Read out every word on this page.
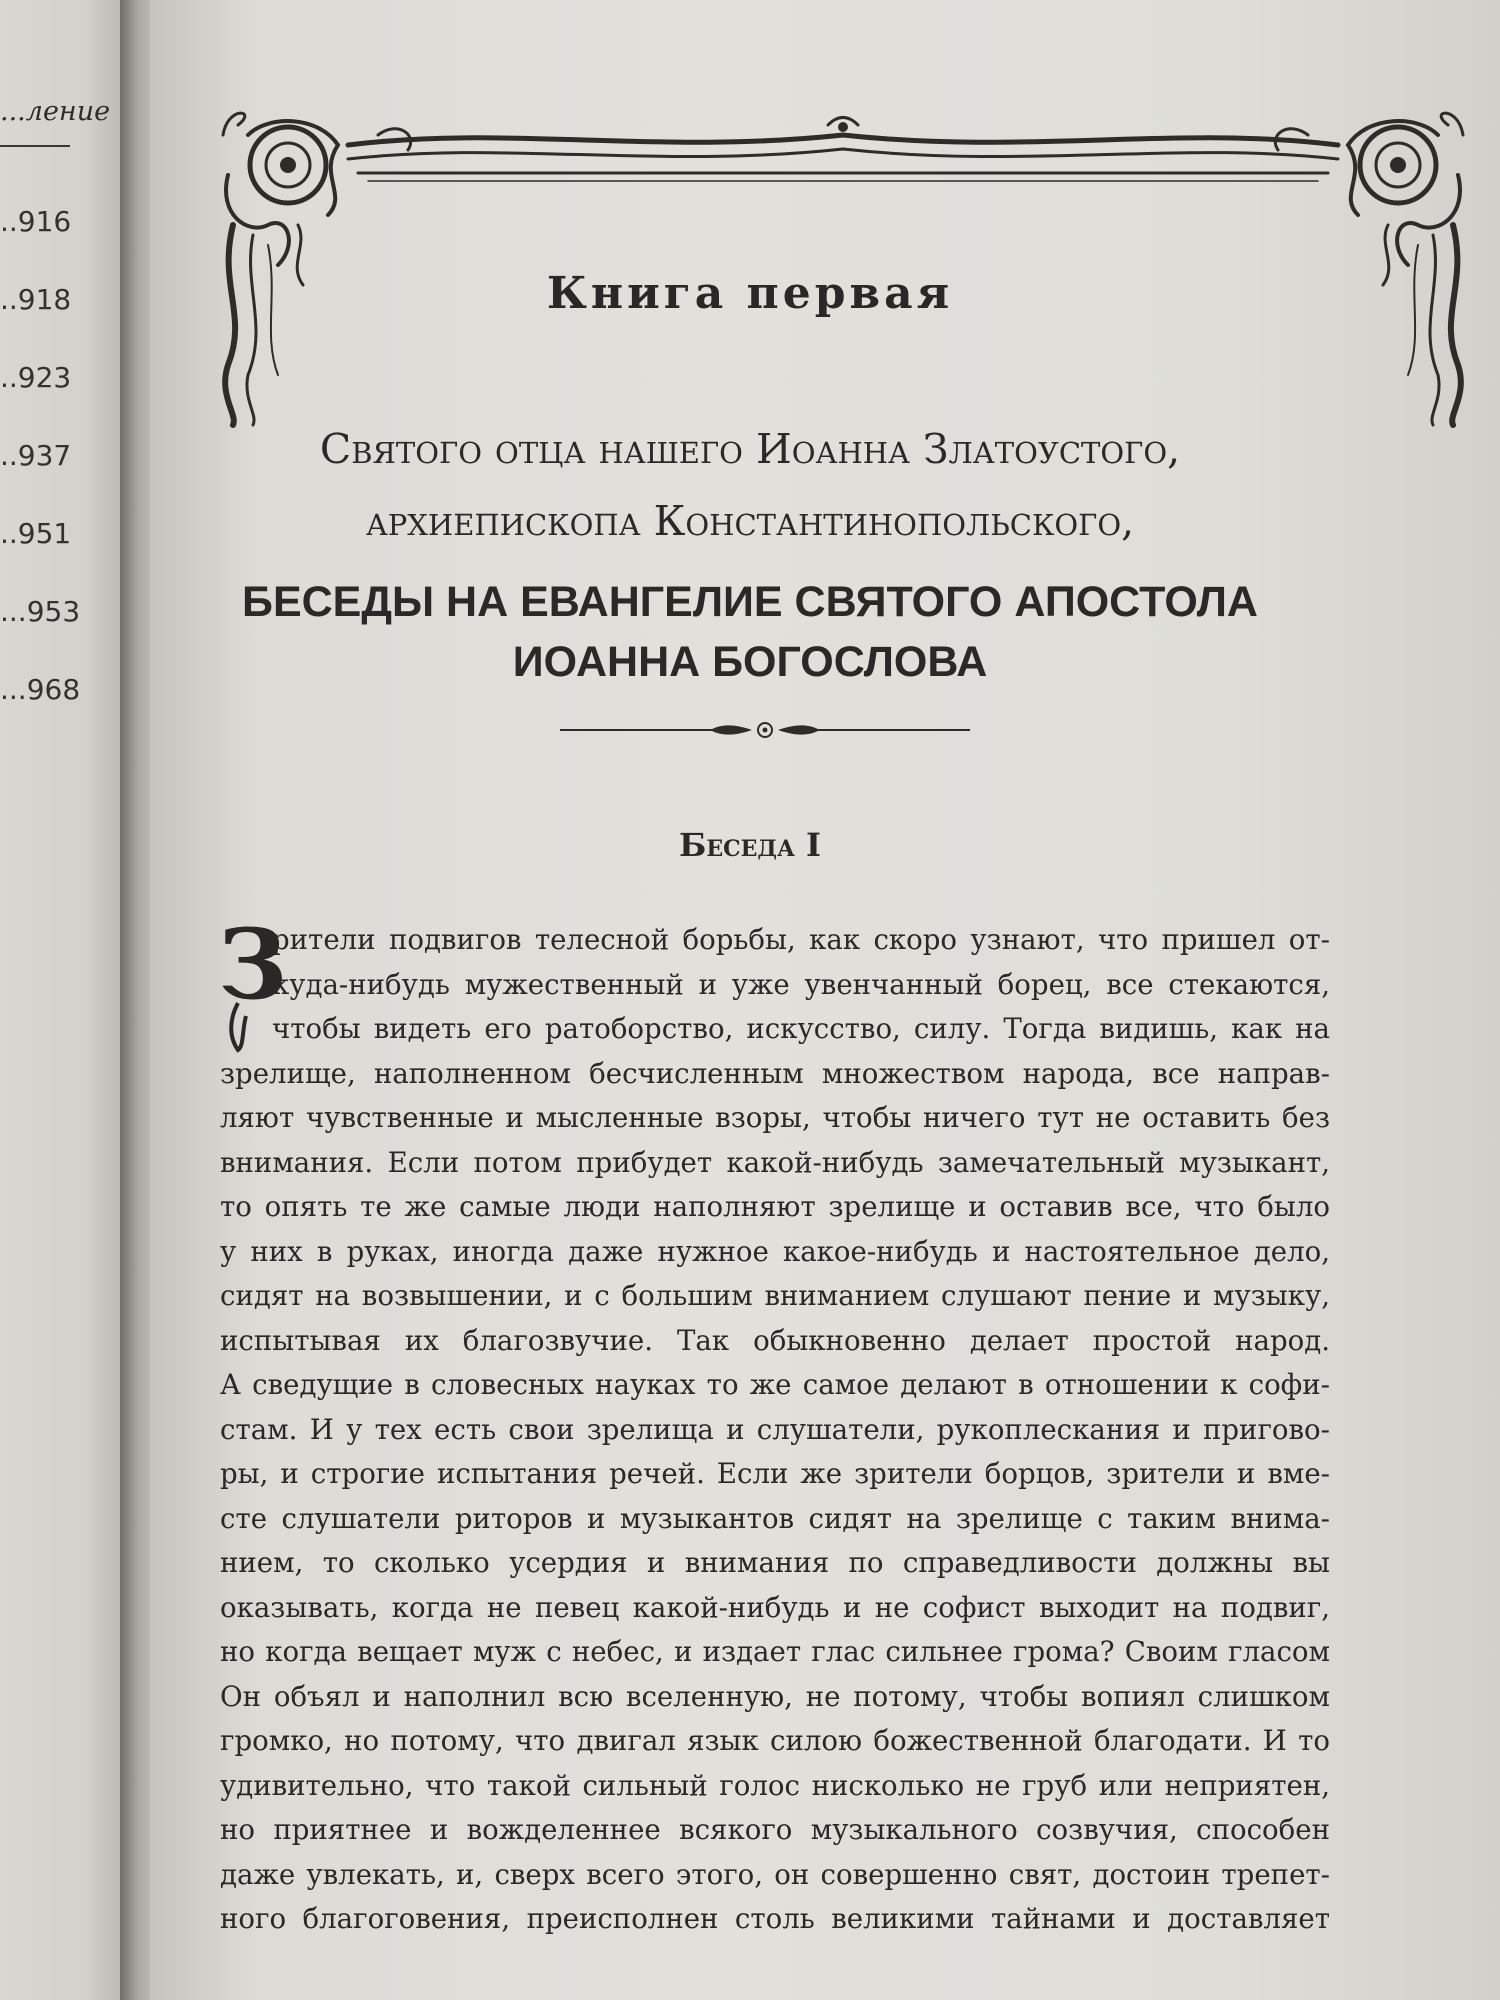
...ление
..916
..918
..923
..937
..951
...953
...968
Книга первая
Святого отца нашего Иоанна Златоустого,
архиепископа Константинопольского,
БЕСЕДЫ НА ЕВАНГЕЛИЕ СВЯТОГО АПОСТОЛА
ИОАННА БОГОСЛОВА
Беседа I
З
рители подвигов телесной борьбы, как скоро узнают, что пришел от-
куда-нибудь мужественный и уже увенчанный борец, все стекаются,
чтобы видеть его ратоборство, искусство, силу. Тогда видишь, как на
зрелище, наполненном бесчисленным множеством народа, все направ-
ляют чувственные и мысленные взоры, чтобы ничего тут не оставить без
внимания. Если потом прибудет какой-нибудь замечательный музыкант,
то опять те же самые люди наполняют зрелище и оставив все, что было
у них в руках, иногда даже нужное какое-нибудь и настоятельное дело,
сидят на возвышении, и с большим вниманием слушают пение и музыку,
испытывая их благозвучие. Так обыкновенно делает простой народ.
А сведущие в словесных науках то же самое делают в отношении к софи-
стам. И у тех есть свои зрелища и слушатели, рукоплескания и пригово-
ры, и строгие испытания речей. Если же зрители борцов, зрители и вме-
сте слушатели риторов и музыкантов сидят на зрелище с таким внима-
нием, то сколько усердия и внимания по справедливости должны вы
оказывать, когда не певец какой-нибудь и не софист выходит на подвиг,
но когда вещает муж с небес, и издает глас сильнее грома? Своим гласом
Он объял и наполнил всю вселенную, не потому, чтобы вопиял слишком
громко, но потому, что двигал язык силою божественной благодати. И то
удивительно, что такой сильный голос нисколько не груб или неприятен,
но приятнее и вожделеннее всякого музыкального созвучия, способен
даже увлекать, и, сверх всего этого, он совершенно свят, достоин трепет-
ного благоговения, преисполнен столь великими тайнами и доставляет
